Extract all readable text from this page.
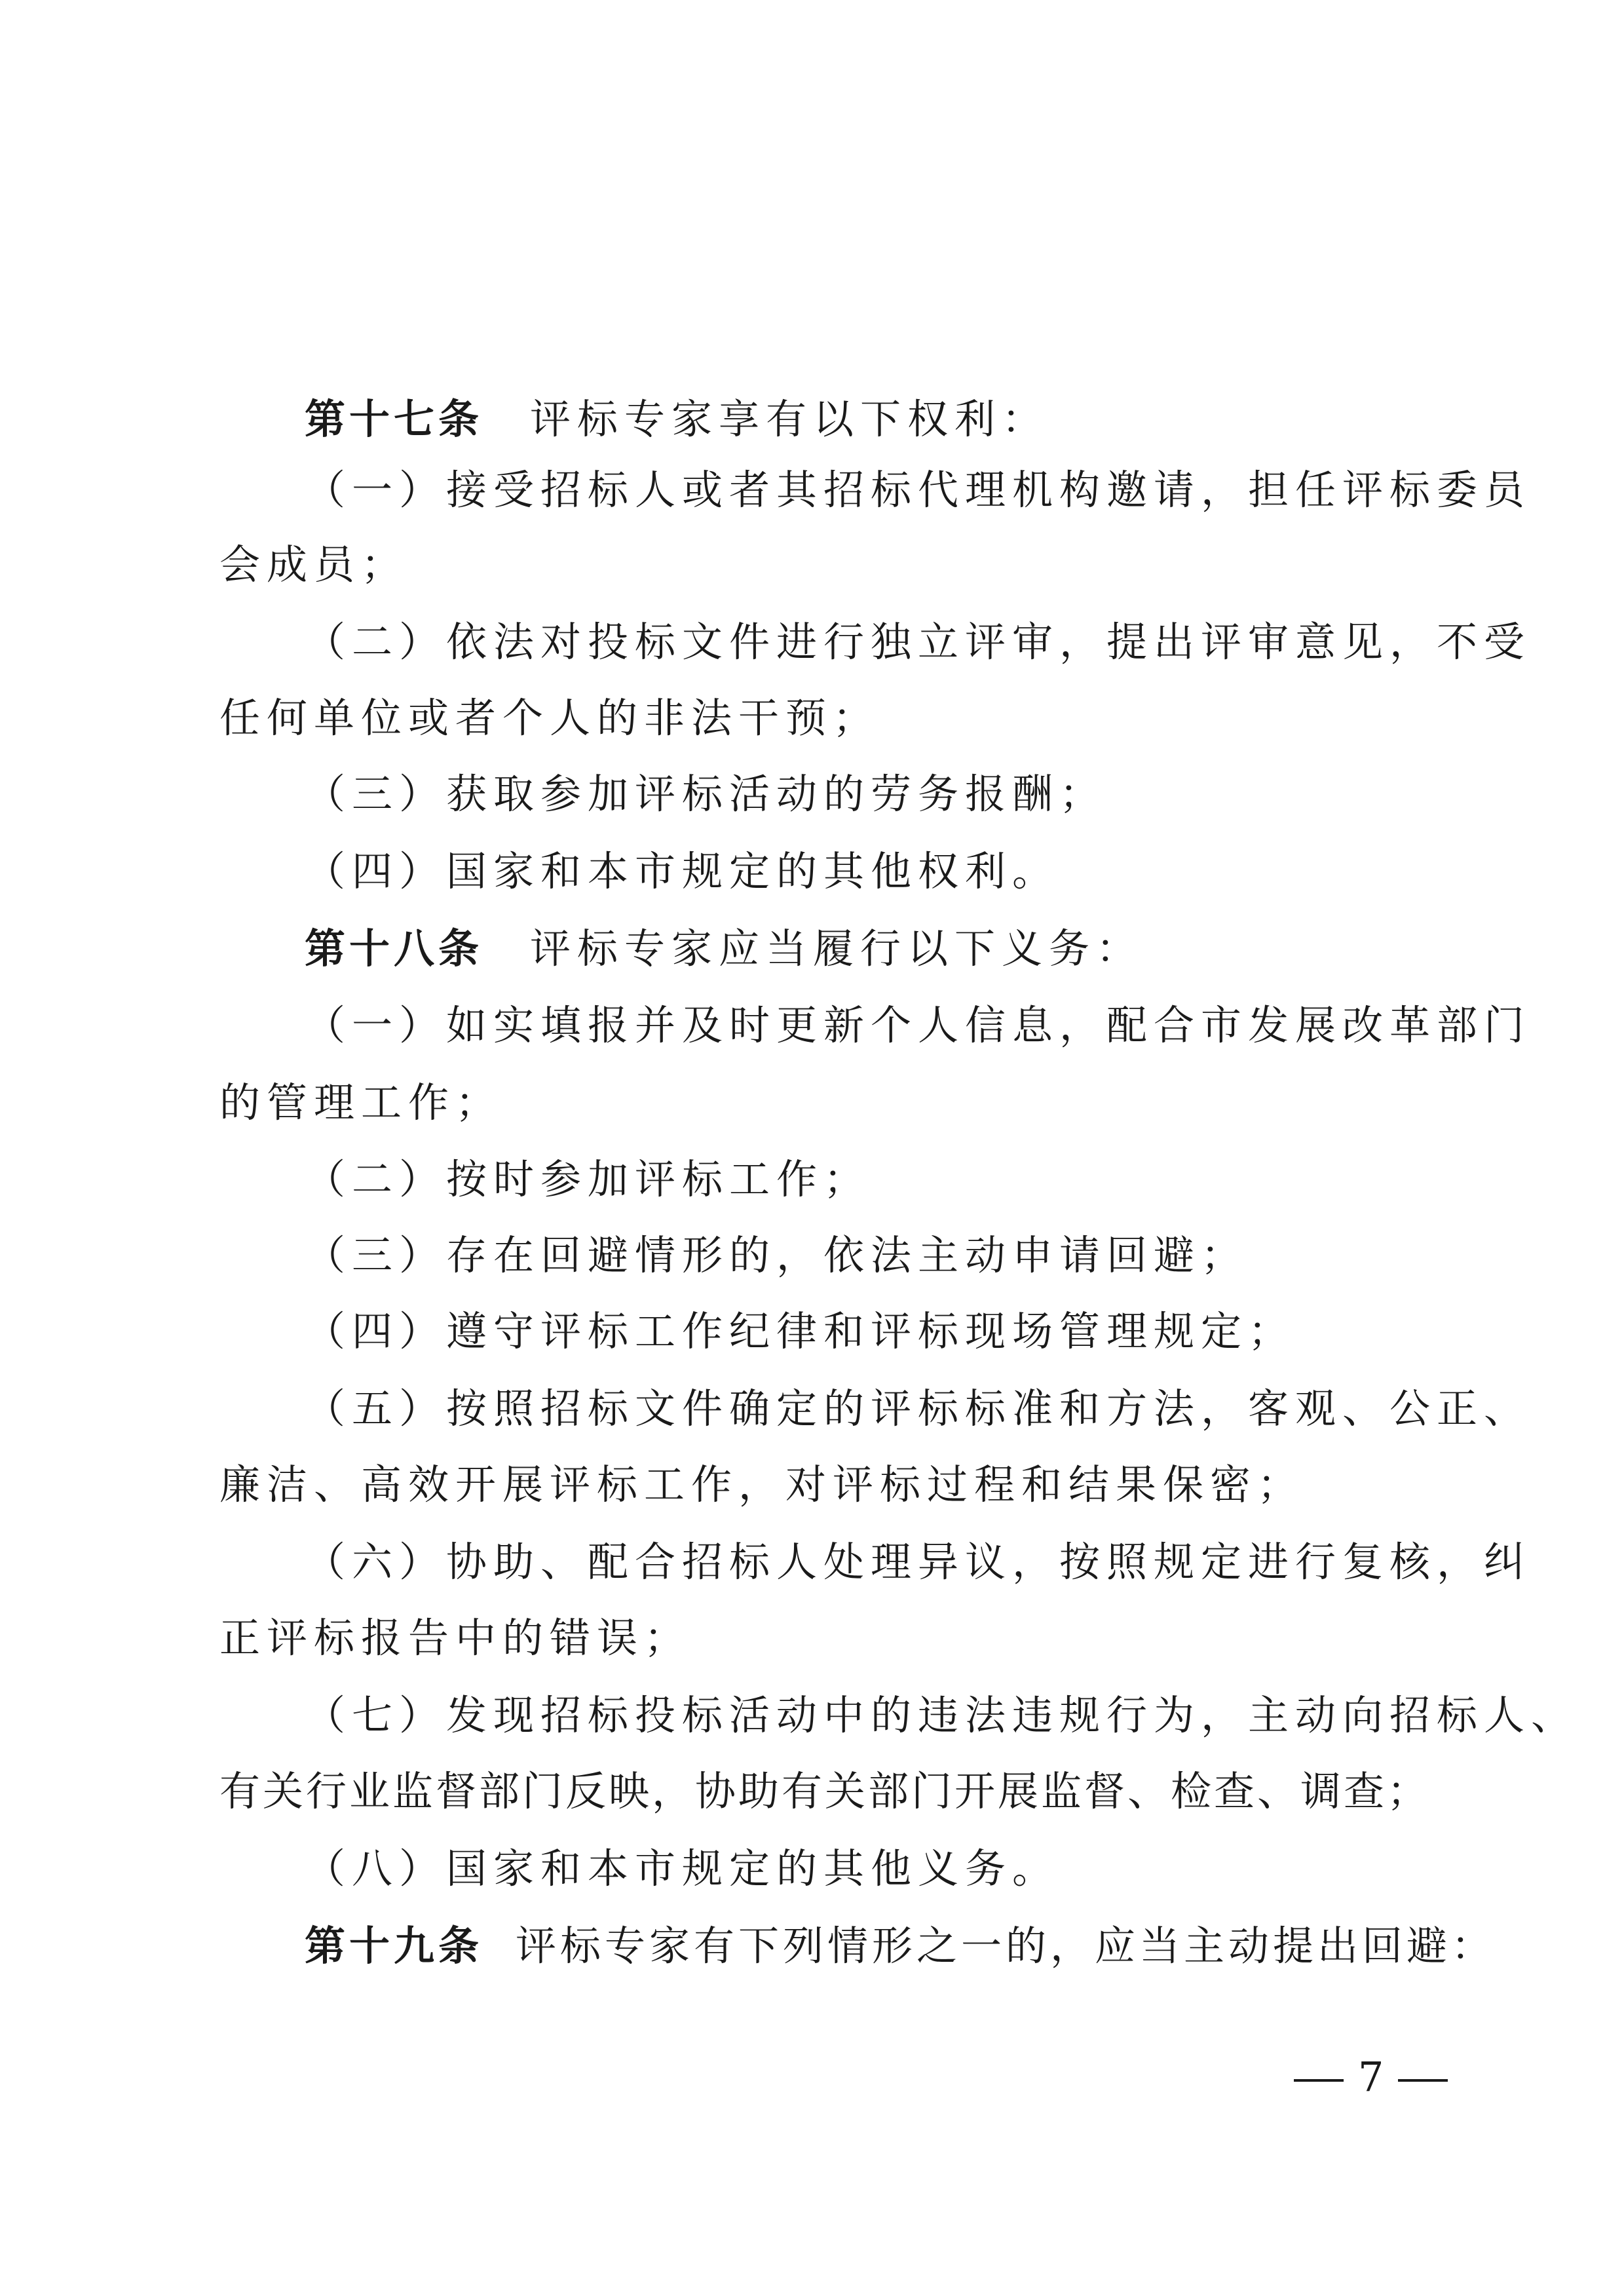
第十七条 评标专家享有以下权利：
（一）接受招标人或者其招标代理机构邀请，担任评标委员
会成员；
（二）依法对投标文件进行独立评审，提出评审意见，不受
任何单位或者个人的非法干预；
（三）获取参加评标活动的劳务报酬；
（四）国家和本市规定的其他权利。
第十八条 评标专家应当履行以下义务：
（一）如实填报并及时更新个人信息，配合市发展改革部门
的管理工作；
（二）按时参加评标工作；
（三）存在回避情形的，依法主动申请回避；
（四）遵守评标工作纪律和评标现场管理规定；
（五）按照招标文件确定的评标标准和方法，客观、公正、
廉洁、高效开展评标工作，对评标过程和结果保密；
（六）协助、配合招标人处理异议，按照规定进行复核，纠
正评标报告中的错误；
（七）发现招标投标活动中的违法违规行为，主动向招标人、
有关行业监督部门反映，协助有关部门开展监督、检查、调查；
（八）国家和本市规定的其他义务。
第十九条 评标专家有下列情形之一的，应当主动提出回避：
7
